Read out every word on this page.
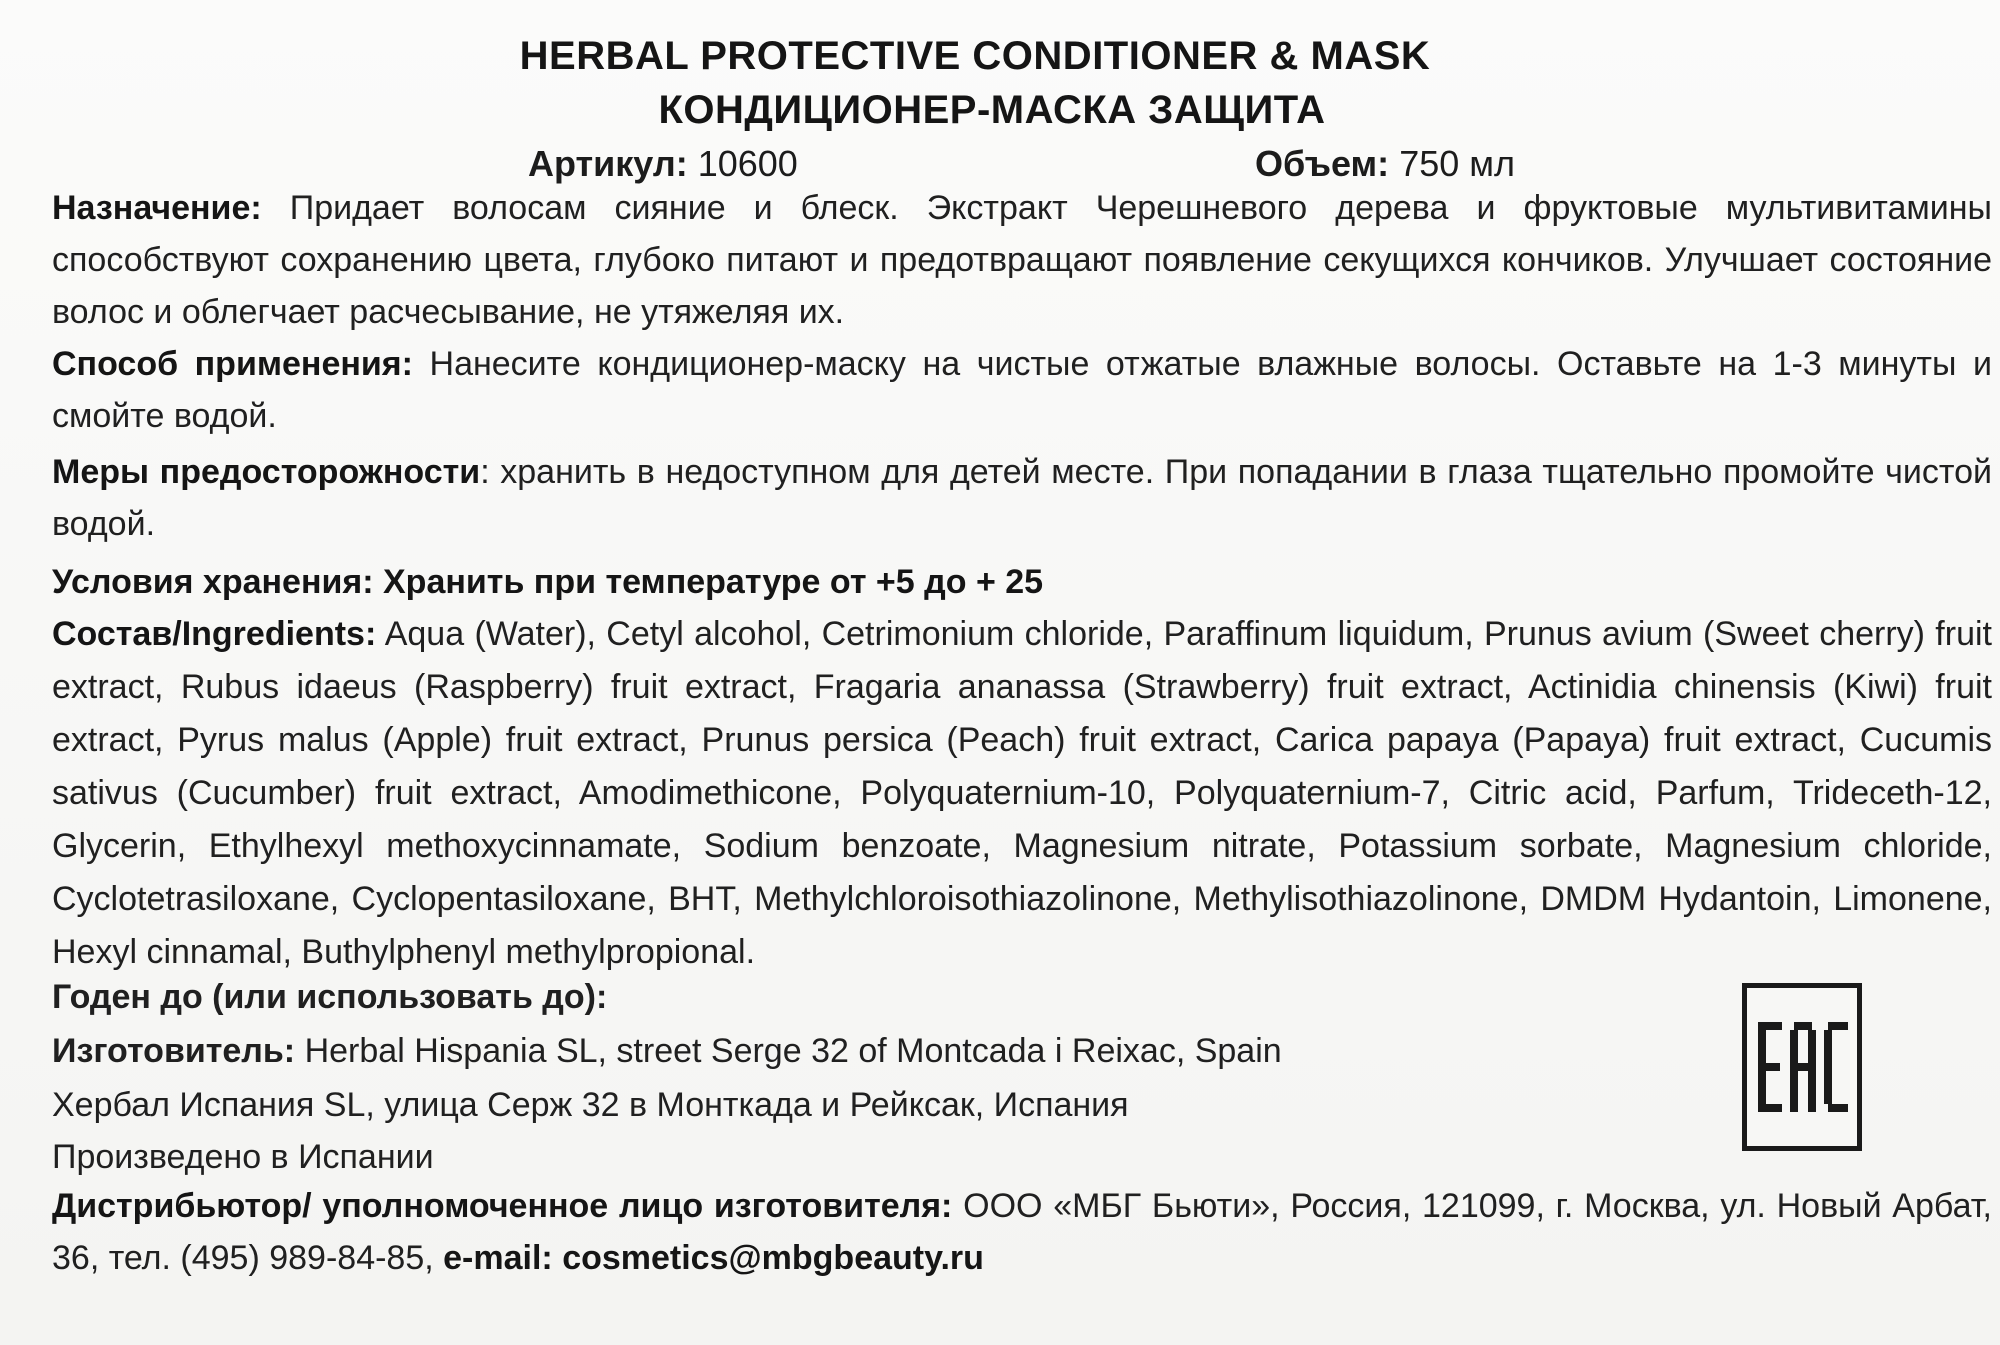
HERBAL PROTECTIVE CONDITIONER & MASK
КОНДИЦИОНЕР-МАСКА ЗАЩИТА
Артикул: 10600	Объем: 750 мл
Назначение: Придает волосам сияние и блеск. Экстракт Черешневого дерева и фруктовые мультивитамины способствуют сохранению цвета, глубоко питают и предотвращают появление секущихся кончиков. Улучшает состояние волос и облегчает расчесывание, не утяжеляя их.
Способ применения: Нанесите кондиционер-маску на чистые отжатые влажные волосы. Оставьте на 1-3 минуты и смойте водой.
Меры предосторожности: хранить в недоступном для детей месте. При попадании в глаза тщательно промойте чистой водой.
Условия хранения: Хранить при температуре от +5 до + 25
Состав/Ingredients: Aqua (Water), Cetyl alcohol, Cetrimonium chloride, Paraffinum liquidum, Prunus avium (Sweet cherry) fruit extract, Rubus idaeus (Raspberry) fruit extract, Fragaria ananassa (Strawberry) fruit extract, Actinidia chinensis (Kiwi) fruit extract, Pyrus malus (Apple) fruit extract, Prunus persica (Peach) fruit extract, Carica papaya (Papaya) fruit extract, Cucumis sativus (Cucumber) fruit extract, Amodimethicone, Polyquaternium-10, Polyquaternium-7, Citric acid, Parfum, Trideceth-12, Glycerin, Ethylhexyl methoxycinnamate, Sodium benzoate, Magnesium nitrate, Potassium sorbate, Magnesium chloride, Cyclotetrasiloxane, Cyclopentasiloxane, BHT, Methylchloroisothiazolinone, Methylisothiazolinone, DMDM Hydantoin, Limonene, Hexyl cinnamal, Buthylphenyl methylpropional.
Годен до (или использовать до):
Изготовитель: Herbal Hispania SL, street Serge 32 of Montcada i Reixac, Spain
Хербал Испания SL, улица Серж 32 в Монткада и Рейксак, Испания
Произведено в Испании
Дистрибьютор/ уполномоченное лицо изготовителя: ООО «МБГ Бьюти», Россия, 121099, г. Москва, ул. Новый Арбат, 36, тел. (495) 989-84-85, e-mail: cosmetics@mbgbeauty.ru
